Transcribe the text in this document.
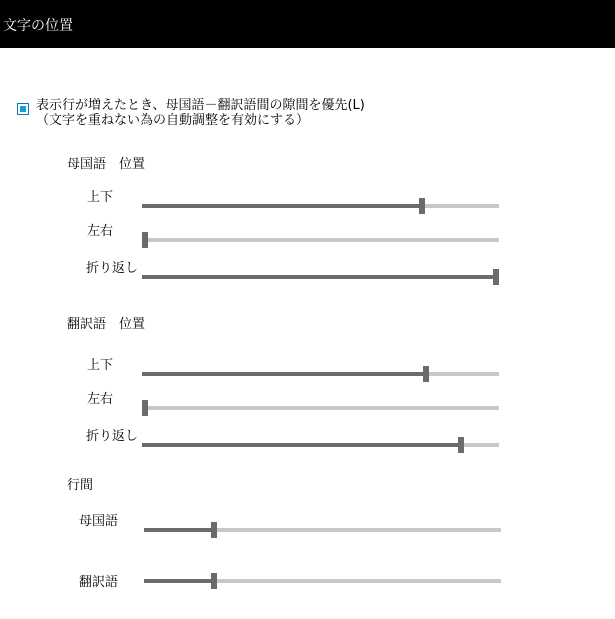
文字の位置
表示行が増えたとき、母国語－翻訳語間の隙間を優先(L)
（文字を重ねない為の自動調整を有効にする）
母国語　位置
上下
左右
折り返し
翻訳語　位置
上下
左右
折り返し
行間
母国語
翻訳語
